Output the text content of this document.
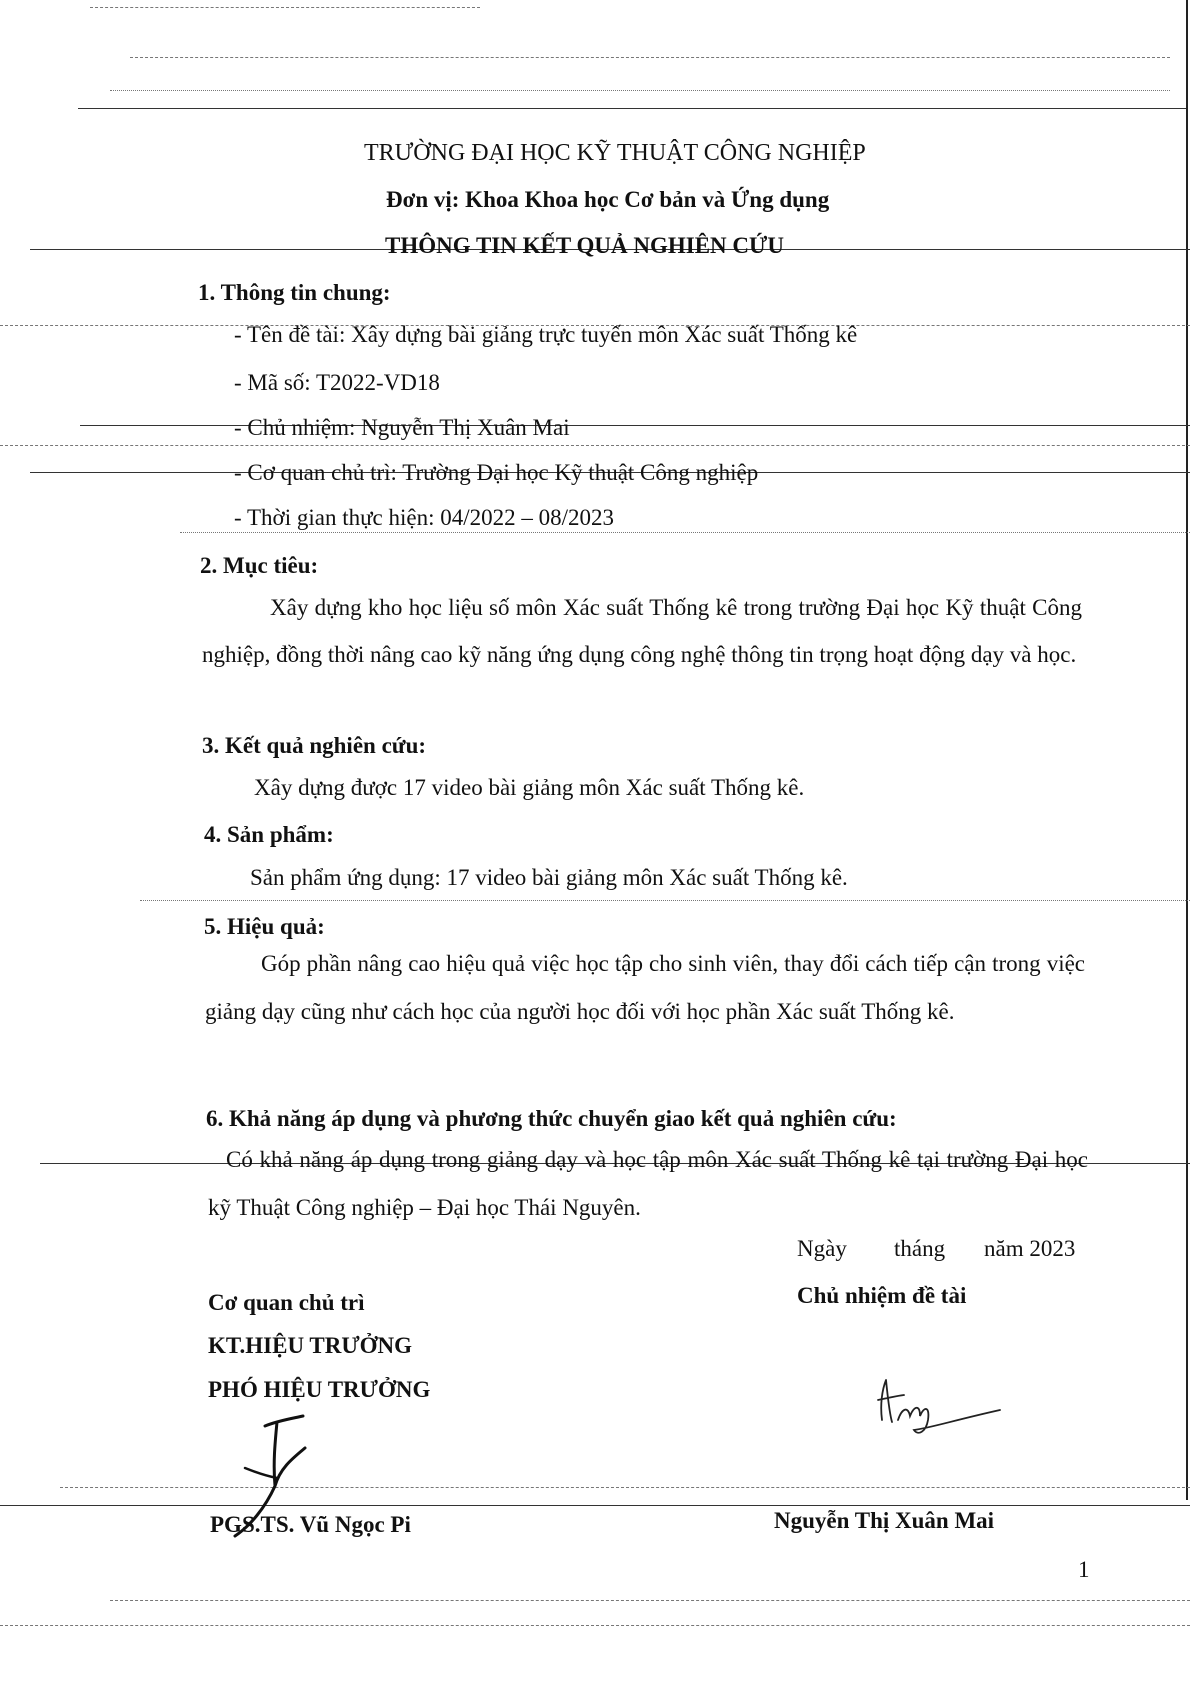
TRƯỜNG ĐẠI HỌC KỸ THUẬT CÔNG NGHIỆP
Đơn vị: Khoa Khoa học Cơ bản và Ứng dụng
THÔNG TIN KẾT QUẢ NGHIÊN CỨU
1. Thông tin chung:
- Tên đề tài: Xây dựng bài giảng trực tuyến môn Xác suất Thống kê
- Mã số: T2022-VD18
- Chủ nhiệm: Nguyễn Thị Xuân Mai
- Cơ quan chủ trì: Trường Đại học Kỹ thuật Công nghiệp
- Thời gian thực hiện: 04/2022 – 08/2023
2. Mục tiêu:
Xây dựng kho học liệu số môn Xác suất Thống kê trong trường Đại học Kỹ thuật Công nghiệp, đồng thời nâng cao kỹ năng ứng dụng công nghệ thông tin trọng hoạt động dạy và học.
3. Kết quả nghiên cứu:
Xây dựng được 17 video bài giảng môn Xác suất Thống kê.
4. Sản phẩm:
Sản phẩm ứng dụng: 17 video bài giảng môn Xác suất Thống kê.
5. Hiệu quả:
Góp phần nâng cao hiệu quả việc học tập cho sinh viên, thay đổi cách tiếp cận trong việc giảng dạy cũng như cách học của người học đối với học phần Xác suất Thống kê.
6. Khả năng áp dụng và phương thức chuyển giao kết quả nghiên cứu:
Có khả năng áp dụng trong giảng dạy và học tập môn Xác suất Thống kê tại trường Đại học kỹ Thuật Công nghiệp – Đại học Thái Nguyên.
Ngày tháng năm 2023
Cơ quan chủ trì
KT.HIỆU TRƯỞNG
PHÓ HIỆU TRƯỞNG
PGS.TS. Vũ Ngọc Pi
Chủ nhiệm đề tài
Nguyễn Thị Xuân Mai
1
